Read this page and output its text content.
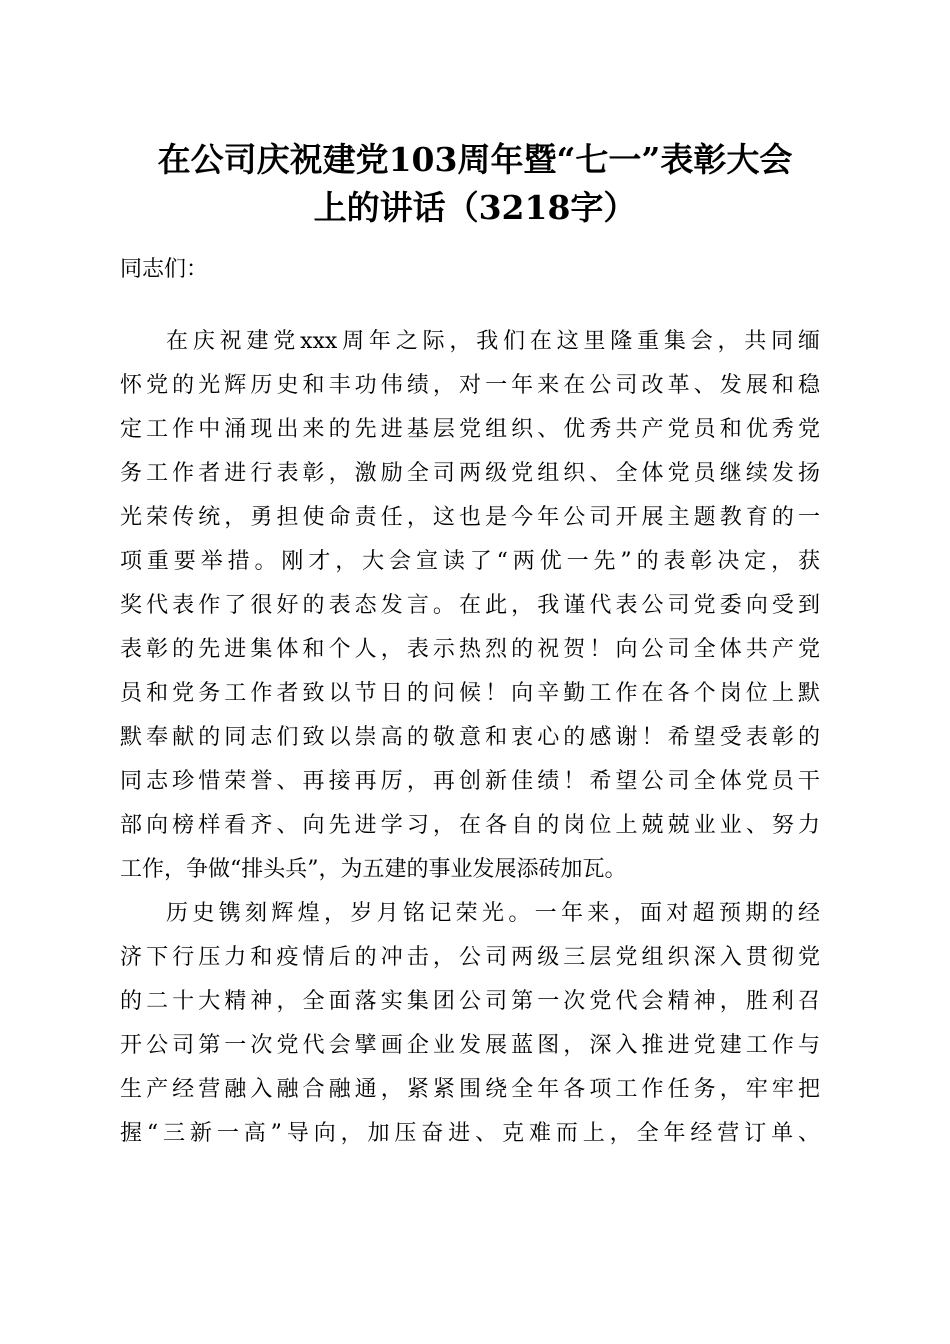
在公司庆祝建党103周年暨“七一”表彰大会
上的讲话（3218字）
同志们：
在庆祝建党xxx周年之际，我们在这里隆重集会，共同缅
怀党的光辉历史和丰功伟绩，对一年来在公司改革、发展和稳
定工作中涌现出来的先进基层党组织、优秀共产党员和优秀党
务工作者进行表彰，激励全司两级党组织、全体党员继续发扬
光荣传统，勇担使命责任，这也是今年公司开展主题教育的一
项重要举措。刚才，大会宣读了“两优一先”的表彰决定，获
奖代表作了很好的表态发言。在此，我谨代表公司党委向受到
表彰的先进集体和个人，表示热烈的祝贺！向公司全体共产党
员和党务工作者致以节日的问候！向辛勤工作在各个岗位上默
默奉献的同志们致以崇高的敬意和衷心的感谢！希望受表彰的
同志珍惜荣誉、再接再厉，再创新佳绩！希望公司全体党员干
部向榜样看齐、向先进学习，在各自的岗位上兢兢业业、努力
工作，争做“排头兵”，为五建的事业发展添砖加瓦。
历史镌刻辉煌，岁月铭记荣光。一年来，面对超预期的经
济下行压力和疫情后的冲击，公司两级三层党组织深入贯彻党
的二十大精神，全面落实集团公司第一次党代会精神，胜利召
开公司第一次党代会擘画企业发展蓝图，深入推进党建工作与
生产经营融入融合融通，紧紧围绕全年各项工作任务，牢牢把
握“三新一高”导向，加压奋进、克难而上，全年经营订单、
